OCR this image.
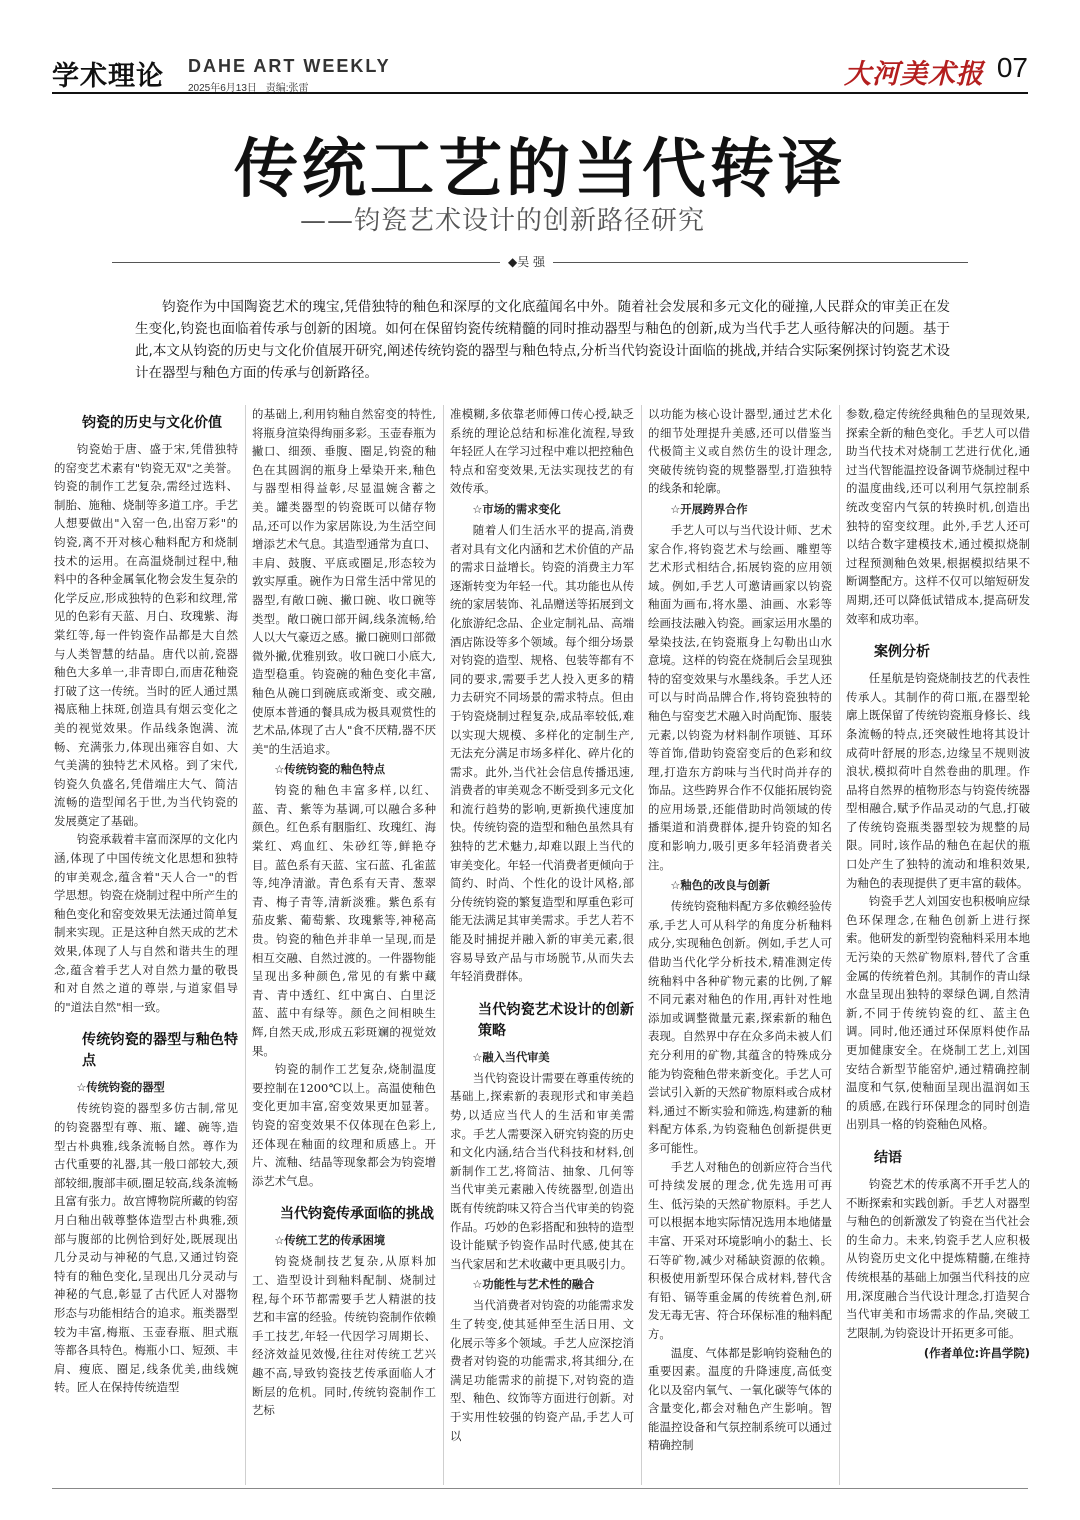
学术理论 DAHE ART WEEKLY
2025年6月13日 责编:张雷	大河美术报 07
传统工艺的当代转译
——钧瓷艺术设计的创新路径研究
◆吴 强
钧瓷作为中国陶瓷艺术的瑰宝,凭借独特的釉色和深厚的文化底蕴闻名中外。随着社会发展和多元文化的碰撞,人民群众的审美正在发生变化,钧瓷也面临着传承与创新的困境。如何在保留钧瓷传统精髓的同时推动器型与釉色的创新,成为当代手艺人亟待解决的问题。基于此,本文从钧瓷的历史与文化价值展开研究,阐述传统钧瓷的器型与釉色特点,分析当代钧瓷设计面临的挑战,并结合实际案例探讨钧瓷艺术设计在器型与釉色方面的传承与创新路径。
钧瓷的历史与文化价值

钧瓷始于唐、盛于宋,凭借独特的窑变艺术素有"钧瓷无双"之美誉。钧瓷的制作工艺复杂,需经过选料、制胎、施釉、烧制等多道工序。手艺人想要做出"入窑一色,出窑万彩"的钧瓷,离不开对核心釉料配方和烧制技术的运用。在高温烧制过程中,釉料中的各种金属氧化物会发生复杂的化学反应,形成独特的色彩和纹理,常见的色彩有天蓝、月白、玫瑰紫、海棠红等,每一件钧瓷作品都是大自然与人类智慧的结晶。唐代以前,瓷器釉色大多单一,非青即白,而唐花釉瓷打破了这一传统。当时的匠人通过黑褐底釉上抹斑,创造具有烟云变化之美的视觉效果。作品线条饱满、流畅、充满张力,体现出雍容自如、大气美满的独特艺术风格。到了宋代,钧瓷久负盛名,凭借端庄大气、简洁流畅的造型闻名于世,为当代钧瓷的发展奠定了基础。

钧瓷承载着丰富而深厚的文化内涵,体现了中国传统文化思想和独特的审美观念,蕴含着"天人合一"的哲学思想。钧瓷在烧制过程中所产生的釉色变化和窑变效果无法通过简单复制来实现。正是这种自然天成的艺术效果,体现了人与自然和谐共生的理念,蕴含着手艺人对自然力量的敬畏和对自然之道的尊崇,与道家倡导的"道法自然"相一致。

传统钧瓷的器型与釉色特点
☆传统钧瓷的器型

传统钧瓷的器型多仿古制,常见的钧瓷器型有尊、瓶、罐、碗等,造型古朴典雅,线条流畅自然。尊作为古代重要的礼器,其一般口部较大,颈部较细,腹部丰硕,圈足较高,线条流畅且富有张力。故宫博物院所藏的钧窑月白釉出戟尊整体造型古朴典雅,颈部与腹部的比例恰到好处,既展现出几分灵动与神秘的气息,又通过钧瓷特有的釉色变化,呈现出几分灵动与神秘的气息,彰显了古代匠人对器物形态与功能相结合的追求。瓶类器型较为丰富,梅瓶、玉壶春瓶、胆式瓶等都各具特色。梅瓶小口、短颈、丰肩、瘦底、圈足,线条优美,曲线婉转。匠人在保持传统造型

的基础上,利用钧釉自然窑变的特性,将瓶身渲染得绚丽多彩。玉壶春瓶为撇口、细颈、垂腹、圈足,钧瓷的釉色在其圆润的瓶身上晕染开来,釉色与器型相得益彰,尽显温婉含蓄之美。罐类器型的钧瓷既可以储存物品,还可以作为家居陈设,为生活空间增添艺术气息。其造型通常为直口、丰肩、鼓腹、平底或圈足,形态较为敦实厚重。碗作为日常生活中常见的器型,有敞口碗、撇口碗、收口碗等类型。敞口碗口部开阔,线条流畅,给人以大气豪迈之感。撇口碗则口部微微外撇,优雅别致。收口碗口小底大,造型稳重。钧瓷碗的釉色变化丰富,釉色从碗口到碗底或渐变、或交融,使原本普通的餐具成为极具观赏性的艺术品,体现了古人"食不厌精,器不厌美"的生活追求。

☆传统钧瓷的釉色特点

钧瓷的釉色丰富多样,以红、蓝、青、紫等为基调,可以融合多种颜色。红色系有胭脂红、玫瑰红、海棠红、鸡血红、朱砂红等,鲜艳夺目。蓝色系有天蓝、宝石蓝、孔雀蓝等,纯净清澈。青色系有天青、葱翠青、梅子青等,清新淡雅。紫色系有茄皮紫、葡萄紫、玫瑰紫等,神秘高贵。钧瓷的釉色并非单一呈现,而是相互交融、自然过渡的。一件器物能呈现出多种颜色,常见的有紫中藏青、青中透红、红中寓白、白里泛蓝、蓝中有绿等。颜色之间相映生辉,自然天成,形成五彩斑斓的视觉效果。

钧瓷的制作工艺复杂,烧制温度要控制在1200℃以上。高温使釉色变化更加丰富,窑变效果更加显著。钧瓷的窑变效果不仅体现在色彩上,还体现在釉面的纹理和质感上。开片、流釉、结晶等现象都会为钧瓷增添艺术气息。

当代钧瓷传承面临的挑战
☆传统工艺的传承困境

钧瓷烧制技艺复杂,从原料加工、造型设计到釉料配制、烧制过程,每个环节都需要手艺人精湛的技艺和丰富的经验。传统钧瓷制作依赖手工技艺,年轻一代因学习周期长、经济效益见效慢,往往对传统工艺兴趣不高,导致钧瓷技艺传承面临人才断层的危机。同时,传统钧瓷制作工艺标

准模糊,多依靠老师傅口传心授,缺乏系统的理论总结和标准化流程,导致年轻匠人在学习过程中难以把控釉色特点和窑变效果,无法实现技艺的有效传承。

☆市场的需求变化

随着人们生活水平的提高,消费者对具有文化内涵和艺术价值的产品的需求日益增长。钧瓷的消费主力军逐渐转变为年轻一代。其功能也从传统的家居装饰、礼品赠送等拓展到文化旅游纪念品、企业定制礼品、高端酒店陈设等多个领域。每个细分场景对钧瓷的造型、规格、包装等都有不同的要求,需要手艺人投入更多的精力去研究不同场景的需求特点。但由于钧瓷烧制过程复杂,成品率较低,难以实现大规模、多样化的定制生产,无法充分满足市场多样化、碎片化的需求。此外,当代社会信息传播迅速,消费者的审美观念不断受到多元文化和流行趋势的影响,更新换代速度加快。传统钧瓷的造型和釉色虽然具有独特的艺术魅力,却难以跟上当代的审美变化。年轻一代消费者更倾向于简约、时尚、个性化的设计风格,部分传统钧瓷的繁复造型和厚重色彩可能无法满足其审美需求。手艺人若不能及时捕捉并融入新的审美元素,很容易导致产品与市场脱节,从而失去年轻消费群体。

当代钧瓷艺术设计的创新策略
☆融入当代审美

当代钧瓷设计需要在尊重传统的基础上,探索新的表现形式和审美趋势,以适应当代人的生活和审美需求。手艺人需要深入研究钧瓷的历史和文化内涵,结合当代科技和材料,创新制作工艺,将简洁、抽象、几何等当代审美元素融入传统器型,创造出既有传统韵味又符合当代审美的钧瓷作品。巧妙的色彩搭配和独特的造型设计能赋予钧瓷作品时代感,使其在当代家居和艺术收藏中更具吸引力。

☆功能性与艺术性的融合

当代消费者对钧瓷的功能需求发生了转变,使其延伸至生活日用、文化展示等多个领域。手艺人应深挖消费者对钧瓷的功能需求,将其细分,在满足功能需求的前提下,对钧瓷的造型、釉色、纹饰等方面进行创新。对于实用性较强的钧瓷产品,手艺人可以

以功能为核心设计器型,通过艺术化的细节处理提升美感,还可以借鉴当代极简主义或自然仿生的设计理念,突破传统钧瓷的规整器型,打造独特的线条和轮廓。

☆开展跨界合作

手艺人可以与当代设计师、艺术家合作,将钧瓷艺术与绘画、雕塑等艺术形式相结合,拓展钧瓷的应用领域。例如,手艺人可邀请画家以钧瓷釉面为画布,将水墨、油画、水彩等绘画技法融入钧瓷。画家运用水墨的晕染技法,在钧瓷瓶身上勾勒出山水意境。这样的钧瓷在烧制后会呈现独特的窑变效果与水墨线条。手艺人还可以与时尚品牌合作,将钧瓷独特的釉色与窑变艺术融入时尚配饰、服装元素,以钧瓷为材料制作项链、耳环等首饰,借助钧瓷窑变后的色彩和纹理,打造东方韵味与当代时尚并存的饰品。这些跨界合作不仅能拓展钧瓷的应用场景,还能借助时尚领域的传播渠道和消费群体,提升钧瓷的知名度和影响力,吸引更多年轻消费者关注。

☆釉色的改良与创新

传统钧瓷釉料配方多依赖经验传承,手艺人可从科学的角度分析釉料成分,实现釉色创新。例如,手艺人可借助当代化学分析技术,精准测定传统釉料中各种矿物元素的比例,了解不同元素对釉色的作用,再针对性地添加或调整微量元素,探索新的釉色表现。自然界中存在众多尚未被人们充分利用的矿物,其蕴含的特殊成分能为钧瓷釉色带来新变化。手艺人可尝试引入新的天然矿物原料或合成材料,通过不断实验和筛选,构建新的釉料配方体系,为钧瓷釉色创新提供更多可能性。

手艺人对釉色的创新应符合当代可持续发展的理念,优先选用可再生、低污染的天然矿物原料。手艺人可以根据本地实际情况选用本地储量丰富、开采对环境影响小的黏土、长石等矿物,减少对稀缺资源的依赖。积极使用新型环保合成材料,替代含有铅、镉等重金属的传统着色剂,研发无毒无害、符合环保标准的釉料配方。

温度、气体都是影响钧瓷釉色的重要因素。温度的升降速度,高低变化以及窑内氧气、一氧化碳等气体的含量变化,都会对釉色产生影响。智能温控设备和气氛控制系统可以通过精确控制

参数,稳定传统经典釉色的呈现效果,探索全新的釉色变化。手艺人可以借助当代技术对烧制工艺进行优化,通过当代智能温控设备调节烧制过程中的温度曲线,还可以利用气氛控制系统改变窑内气氛的转换时机,创造出独特的窑变纹理。此外,手艺人还可以结合数字建模技术,通过模拟烧制过程预测釉色效果,根据模拟结果不断调整配方。这样不仅可以缩短研发周期,还可以降低试错成本,提高研发效率和成功率。

案例分析

任星航是钧瓷烧制技艺的代表性传承人。其制作的荷口瓶,在器型轮廓上既保留了传统钧瓷瓶身修长、线条流畅的特点,还突破性地将其设计成荷叶舒展的形态,边缘呈不规则波浪状,模拟荷叶自然卷曲的肌理。作品将自然界的植物形态与钧瓷传统器型相融合,赋予作品灵动的气息,打破了传统钧瓷瓶类器型较为规整的局限。同时,该作品的釉色在起伏的瓶口处产生了独特的流动和堆积效果,为釉色的表现提供了更丰富的载体。

钧瓷手艺人刘国安也积极响应绿色环保理念,在釉色创新上进行探索。他研发的新型钧瓷釉料采用本地无污染的天然矿物原料,替代了含重金属的传统着色剂。其制作的青山绿水盘呈现出独特的翠绿色调,自然清新,不同于传统钧瓷的红、蓝主色调。同时,他还通过环保原料使作品更加健康安全。在烧制工艺上,刘国安结合新型节能窑炉,通过精确控制温度和气氛,使釉面呈现出温润如玉的质感,在践行环保理念的同时创造出别具一格的钧瓷釉色风格。

结语

钧瓷艺术的传承离不开手艺人的不断探索和实践创新。手艺人对器型与釉色的创新激发了钧瓷在当代社会的生命力。未来,钧瓷手艺人应积极从钧瓷历史文化中提炼精髓,在维持传统根基的基础上加强当代科技的应用,深度融合当代设计理念,打造契合当代审美和市场需求的作品,突破工艺限制,为钧瓷设计开拓更多可能。

(作者单位:许昌学院)
